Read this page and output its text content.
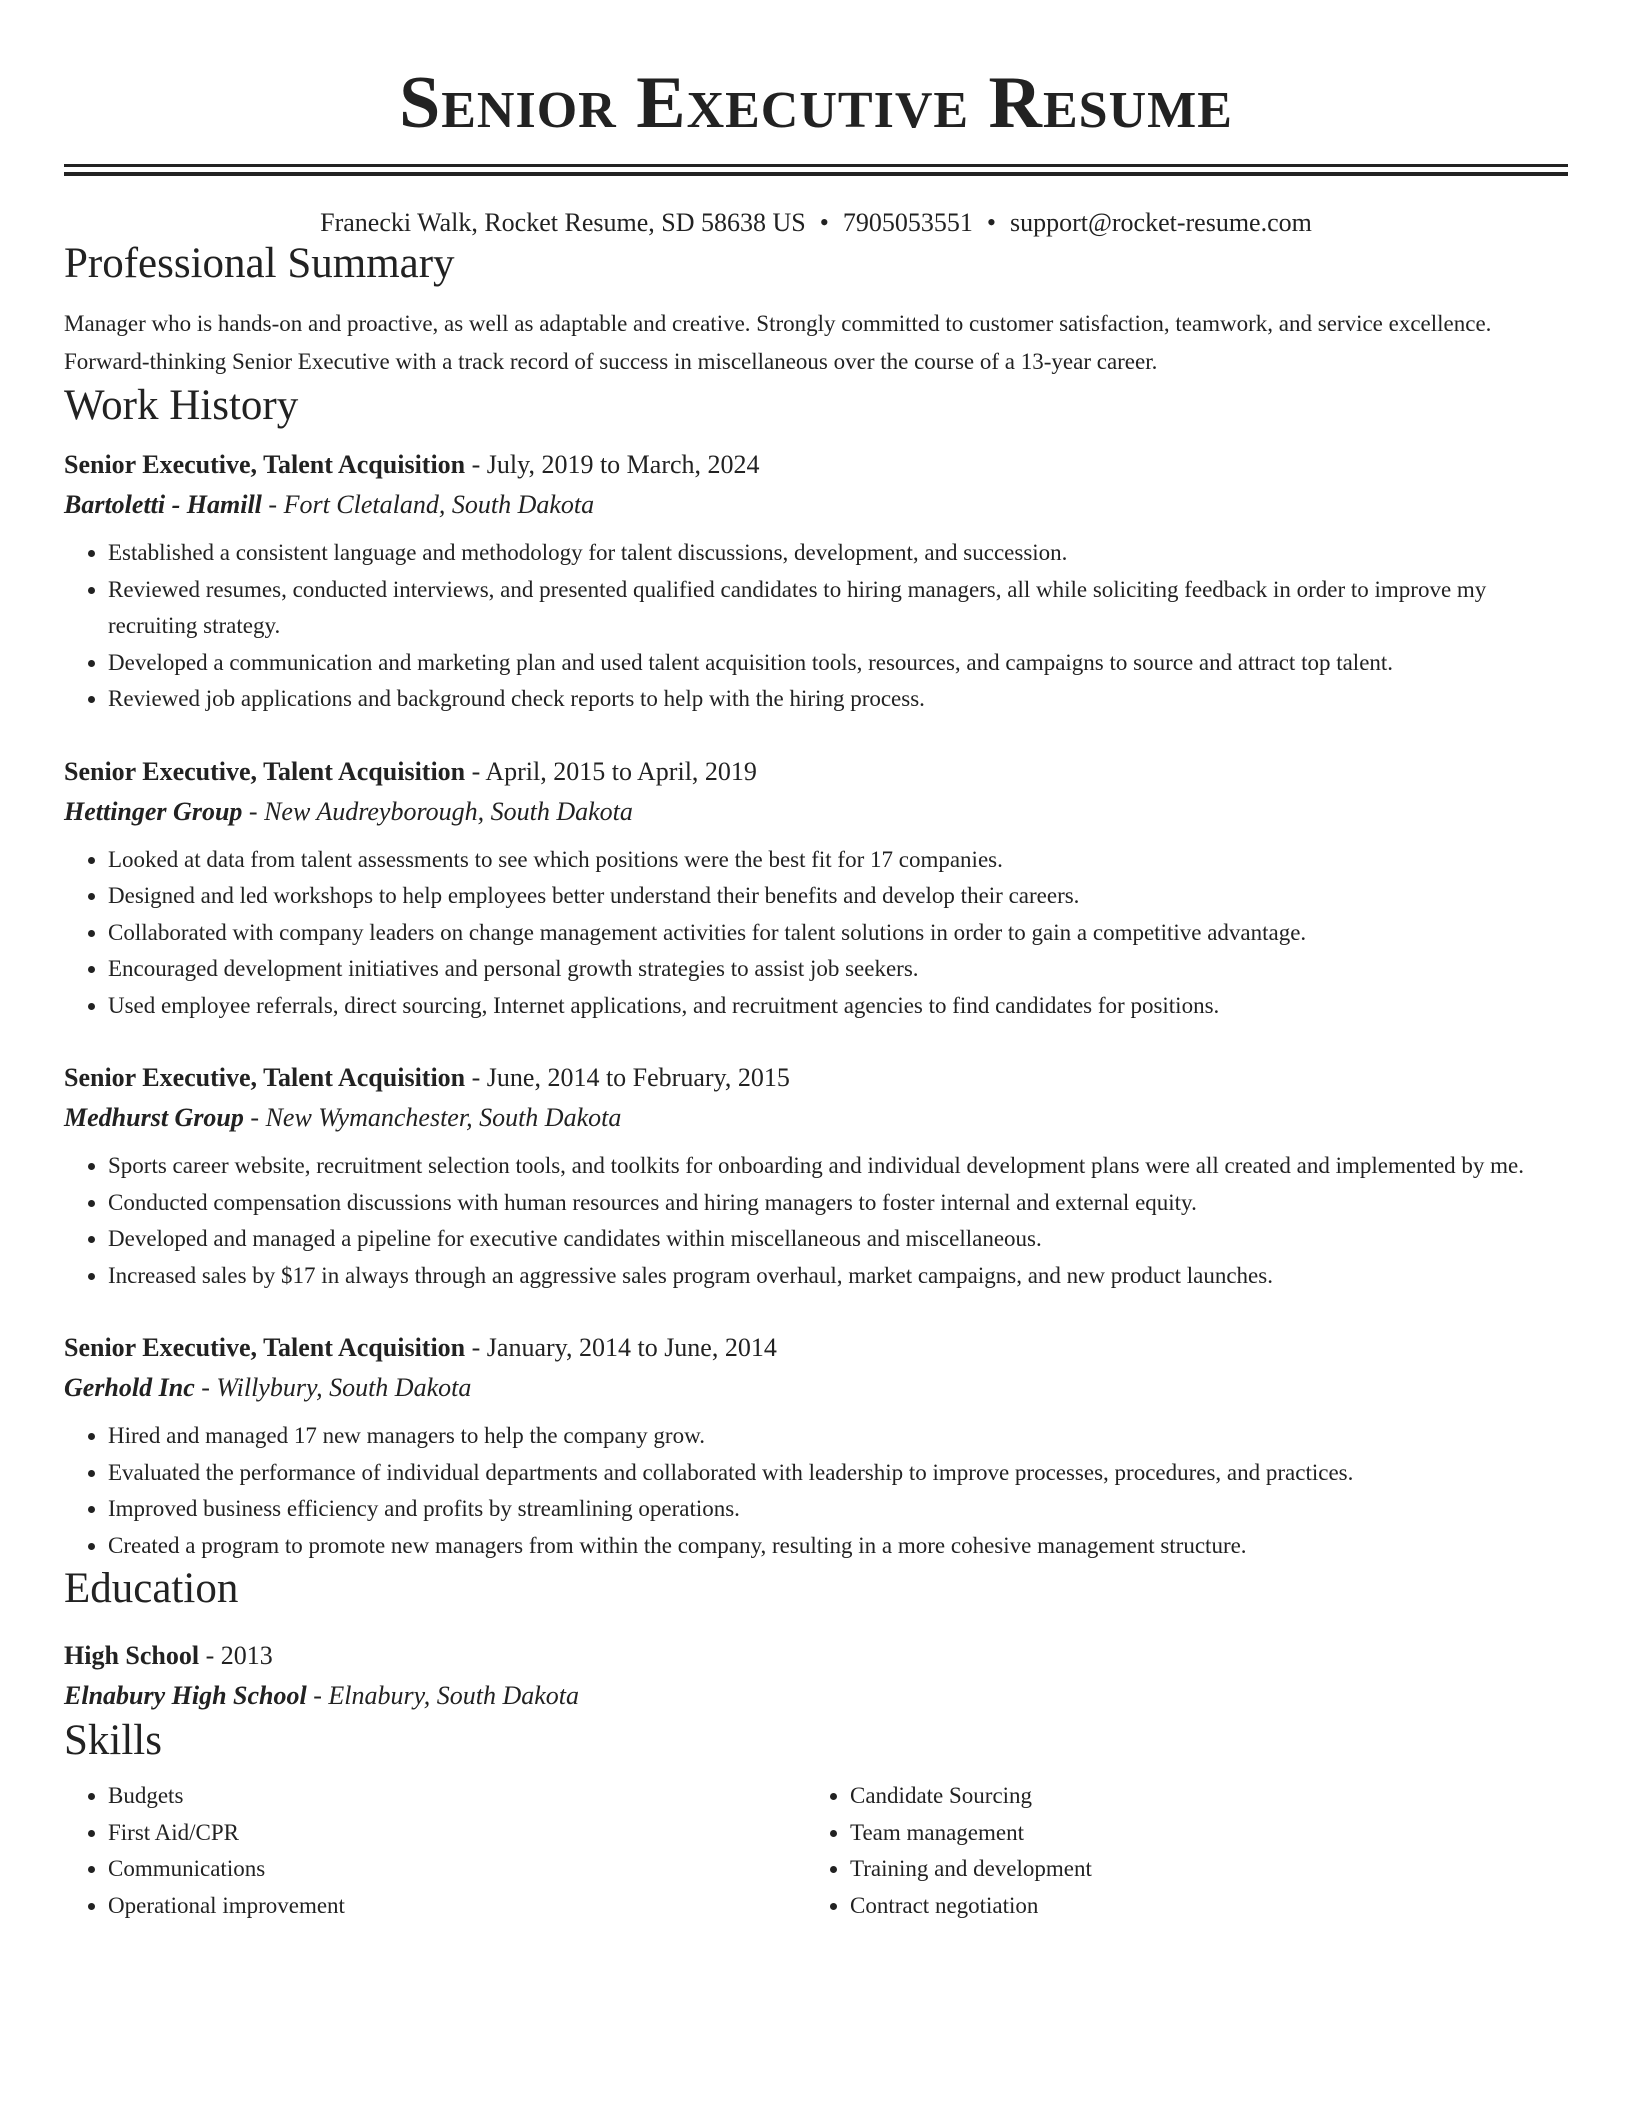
Senior Executive Resume
Franecki Walk, Rocket Resume, SD 58638 US • 7905053551 • support@rocket-resume.com
Professional Summary

Manager who is hands-on and proactive, as well as adaptable and creative. Strongly committed to customer satisfaction, teamwork, and service excellence. Forward-thinking Senior Executive with a track record of success in miscellaneous over the course of a 13-year career.

Work History
Senior Executive, Talent Acquisition - July, 2019 to March, 2024
Bartoletti - Hamill - Fort Cletaland, South Dakota
• Established a consistent language and methodology for talent discussions, development, and succession.
• Reviewed resumes, conducted interviews, and presented qualified candidates to hiring managers, all while soliciting feedback in order to improve my recruiting strategy.
• Developed a communication and marketing plan and used talent acquisition tools, resources, and campaigns to source and attract top talent.
• Reviewed job applications and background check reports to help with the hiring process.
Senior Executive, Talent Acquisition - April, 2015 to April, 2019
Hettinger Group - New Audreyborough, South Dakota
• Looked at data from talent assessments to see which positions were the best fit for 17 companies.
• Designed and led workshops to help employees better understand their benefits and develop their careers.
• Collaborated with company leaders on change management activities for talent solutions in order to gain a competitive advantage.
• Encouraged development initiatives and personal growth strategies to assist job seekers.
• Used employee referrals, direct sourcing, Internet applications, and recruitment agencies to find candidates for positions.
Senior Executive, Talent Acquisition - June, 2014 to February, 2015
Medhurst Group - New Wymanchester, South Dakota
• Sports career website, recruitment selection tools, and toolkits for onboarding and individual development plans were all created and implemented by me.
• Conducted compensation discussions with human resources and hiring managers to foster internal and external equity.
• Developed and managed a pipeline for executive candidates within miscellaneous and miscellaneous.
• Increased sales by $17 in always through an aggressive sales program overhaul, market campaigns, and new product launches.
Senior Executive, Talent Acquisition - January, 2014 to June, 2014
Gerhold Inc - Willybury, South Dakota
• Hired and managed 17 new managers to help the company grow.
• Evaluated the performance of individual departments and collaborated with leadership to improve processes, procedures, and practices.
• Improved business efficiency and profits by streamlining operations.
• Created a program to promote new managers from within the company, resulting in a more cohesive management structure.
Education
High School - 2013
Elnabury High School - Elnabury, South Dakota
Skills
• Budgets
• First Aid/CPR
• Communications
• Operational improvement
• Candidate Sourcing
• Team management
• Training and development
• Contract negotiation
